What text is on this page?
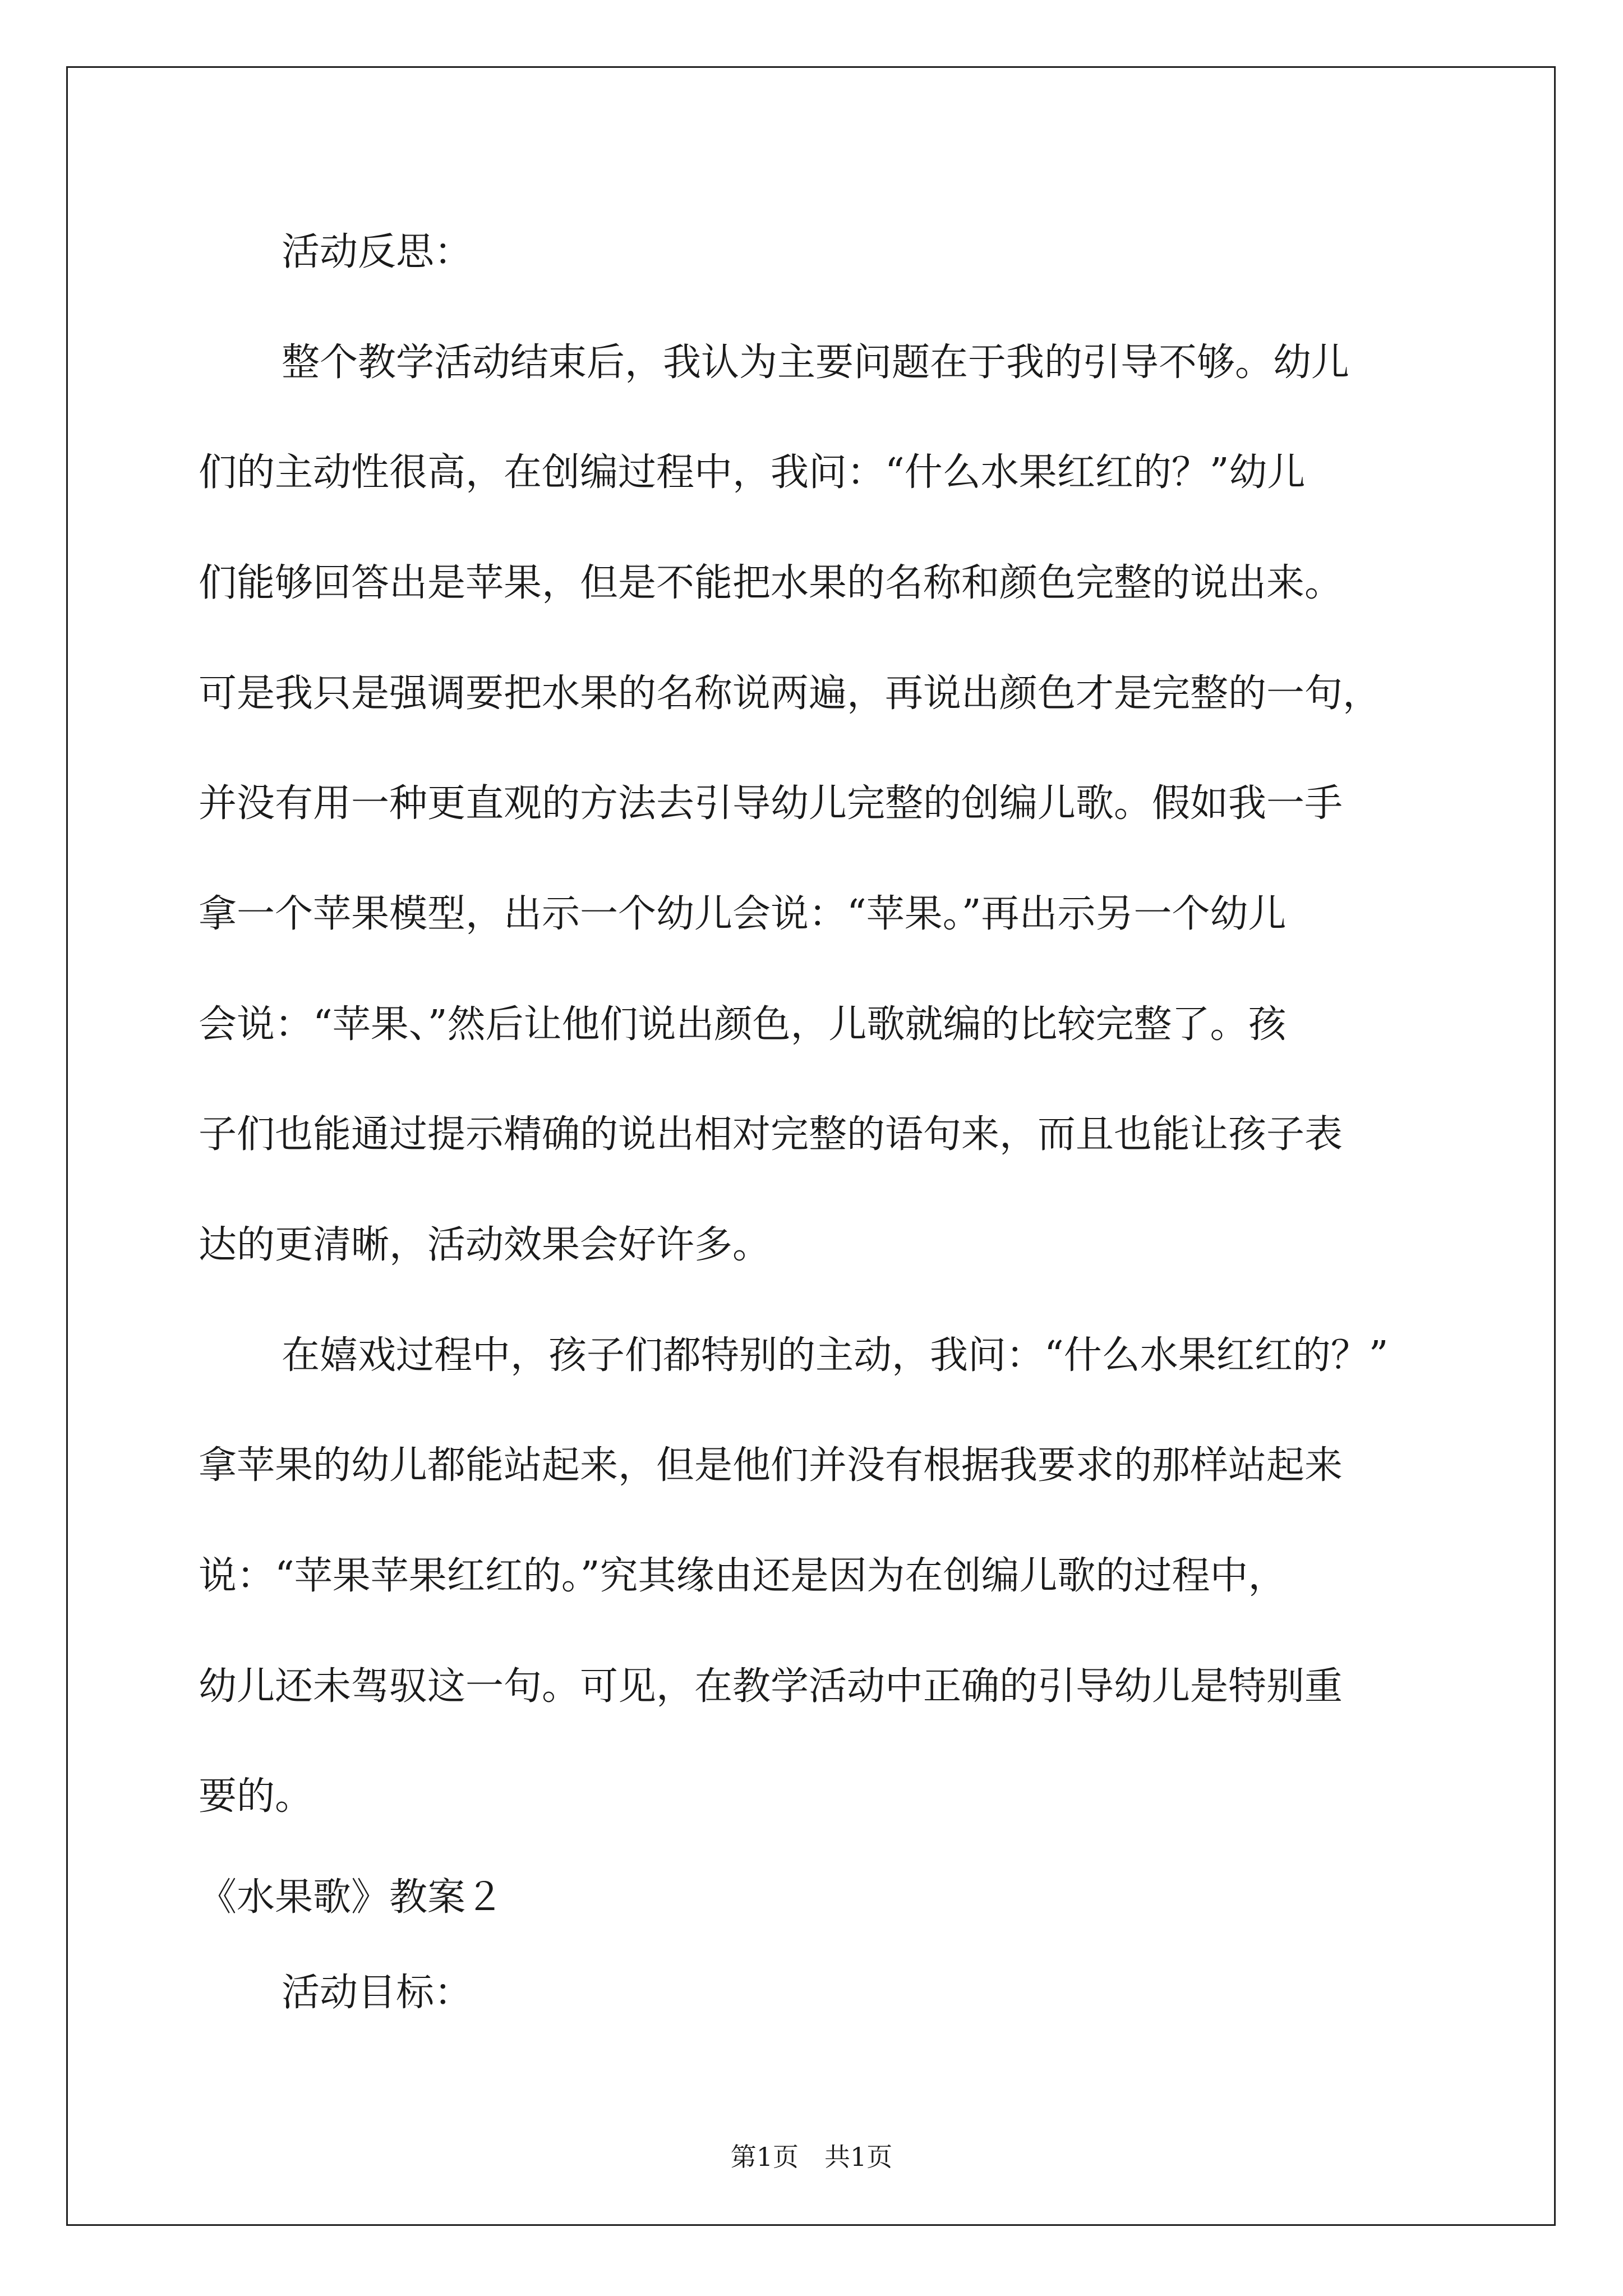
活动反思：
整个教学活动结束后，我认为主要问题在于我的引导不够。幼儿
们的主动性很高，在创编过程中，我问：“什么水果红红的？”幼儿
们能够回答出是苹果，但是不能把水果的名称和颜色完整的说出来。
可是我只是强调要把水果的名称说两遍，再说出颜色才是完整的一句，
并没有用一种更直观的方法去引导幼儿完整的创编儿歌。假如我一手
拿一个苹果模型，出示一个幼儿会说：“苹果。”再出示另一个幼儿
会说：“苹果、”然后让他们说出颜色，儿歌就编的比较完整了。孩
子们也能通过提示精确的说出相对完整的语句来，而且也能让孩子表
达的更清晰，活动效果会好许多。
在嬉戏过程中，孩子们都特别的主动，我问：“什么水果红红的？”
拿苹果的幼儿都能站起来，但是他们并没有根据我要求的那样站起来
说：“苹果苹果红红的。”究其缘由还是因为在创编儿歌的过程中，
幼儿还未驾驭这一句。可见，在教学活动中正确的引导幼儿是特别重
要的。
《水果歌》教案２
活动目标：
第1页 共1页
